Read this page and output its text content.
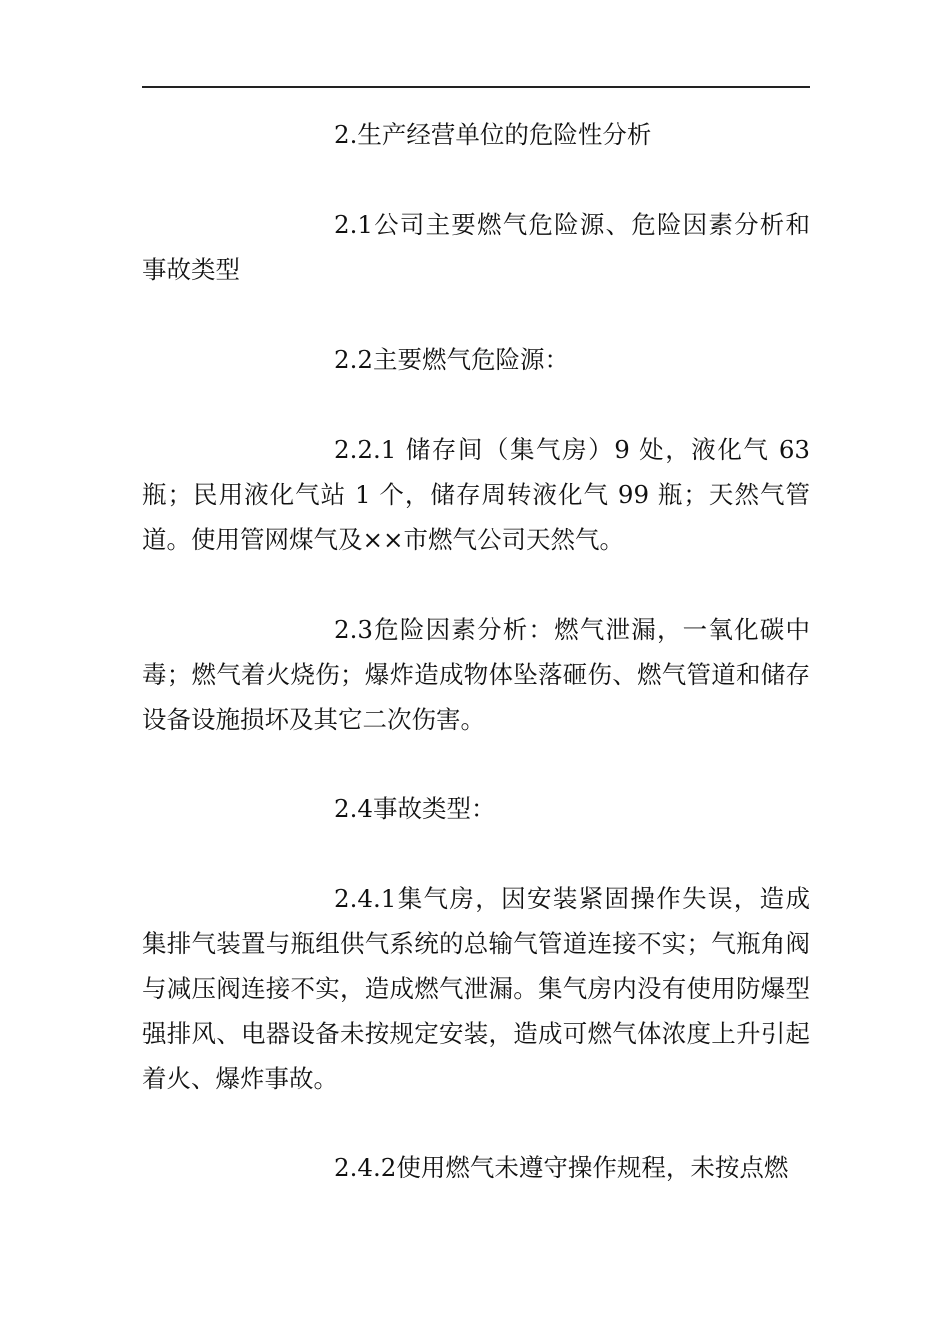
2.生产经营单位的危险性分析

2.1公司主要燃气危险源、危险因素分析和事故类型

2.2主要燃气危险源：

2.2.1 储存间（集气房）9 处，液化气 63 瓶；民用液化气站 1 个，储存周转液化气 99 瓶；天然气管道。使用管网煤气及××市燃气公司天然气。

2.3危险因素分析：燃气泄漏，一氧化碳中毒；燃气着火烧伤；爆炸造成物体坠落砸伤、燃气管道和储存设备设施损坏及其它二次伤害。

2.4事故类型：

2.4.1集气房，因安装紧固操作失误，造成集排气装置与瓶组供气系统的总输气管道连接不实；气瓶角阀与减压阀连接不实，造成燃气泄漏。集气房内没有使用防爆型强排风、电器设备未按规定安装，造成可燃气体浓度上升引起着火、爆炸事故。

2.4.2使用燃气未遵守操作规程，未按点燃
